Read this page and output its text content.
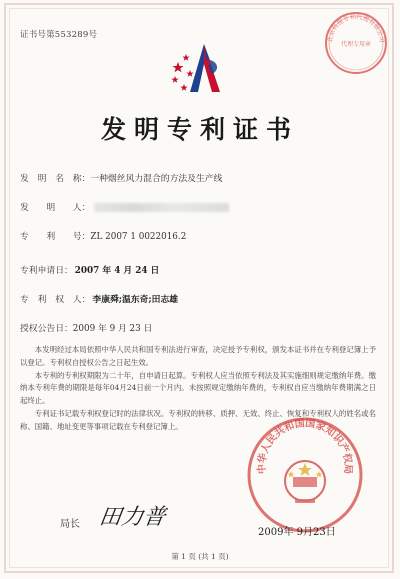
证书号第553289号	北京科理专利代理有限公司
代理专用章
发明专利证书
发　明　名　称：一种烟丝风力混合的方法及生产线
发　　明　　人：
专　　利　　号：ZL 2007 1 0022016.2
专利申请日： 2007 年 4 月 24 日
专　利　权　人： 李康舜;温东奇;田志雄
授权公告日：2009 年 9 月 23 日

本发明经过本局依照中华人民共和国专利法进行审查，决定授予专利权，颁发本证书并在专利登记簿上予以登记。专利权自授权公告之日起生效。

本专利的专利权期限为二十年，自申请日起算。专利权人应当依照专利法及其实施细则规定缴纳年费。缴纳本专利年费的期限是每年04月24日前一个月内。未按照规定缴纳年费的，专利权自应当缴纳年费期满之日起终止。

专利证书记载专利权登记时的法律状况。专利权的转移、质押、无效、终止、恢复和专利权人的姓名或名称、国籍、地址变更等事项记载在专利登记簿上。

中华人民共和国国家知识产权局
局长 田力普
2009年 9月23日
第 1 页 (共 1 页)
